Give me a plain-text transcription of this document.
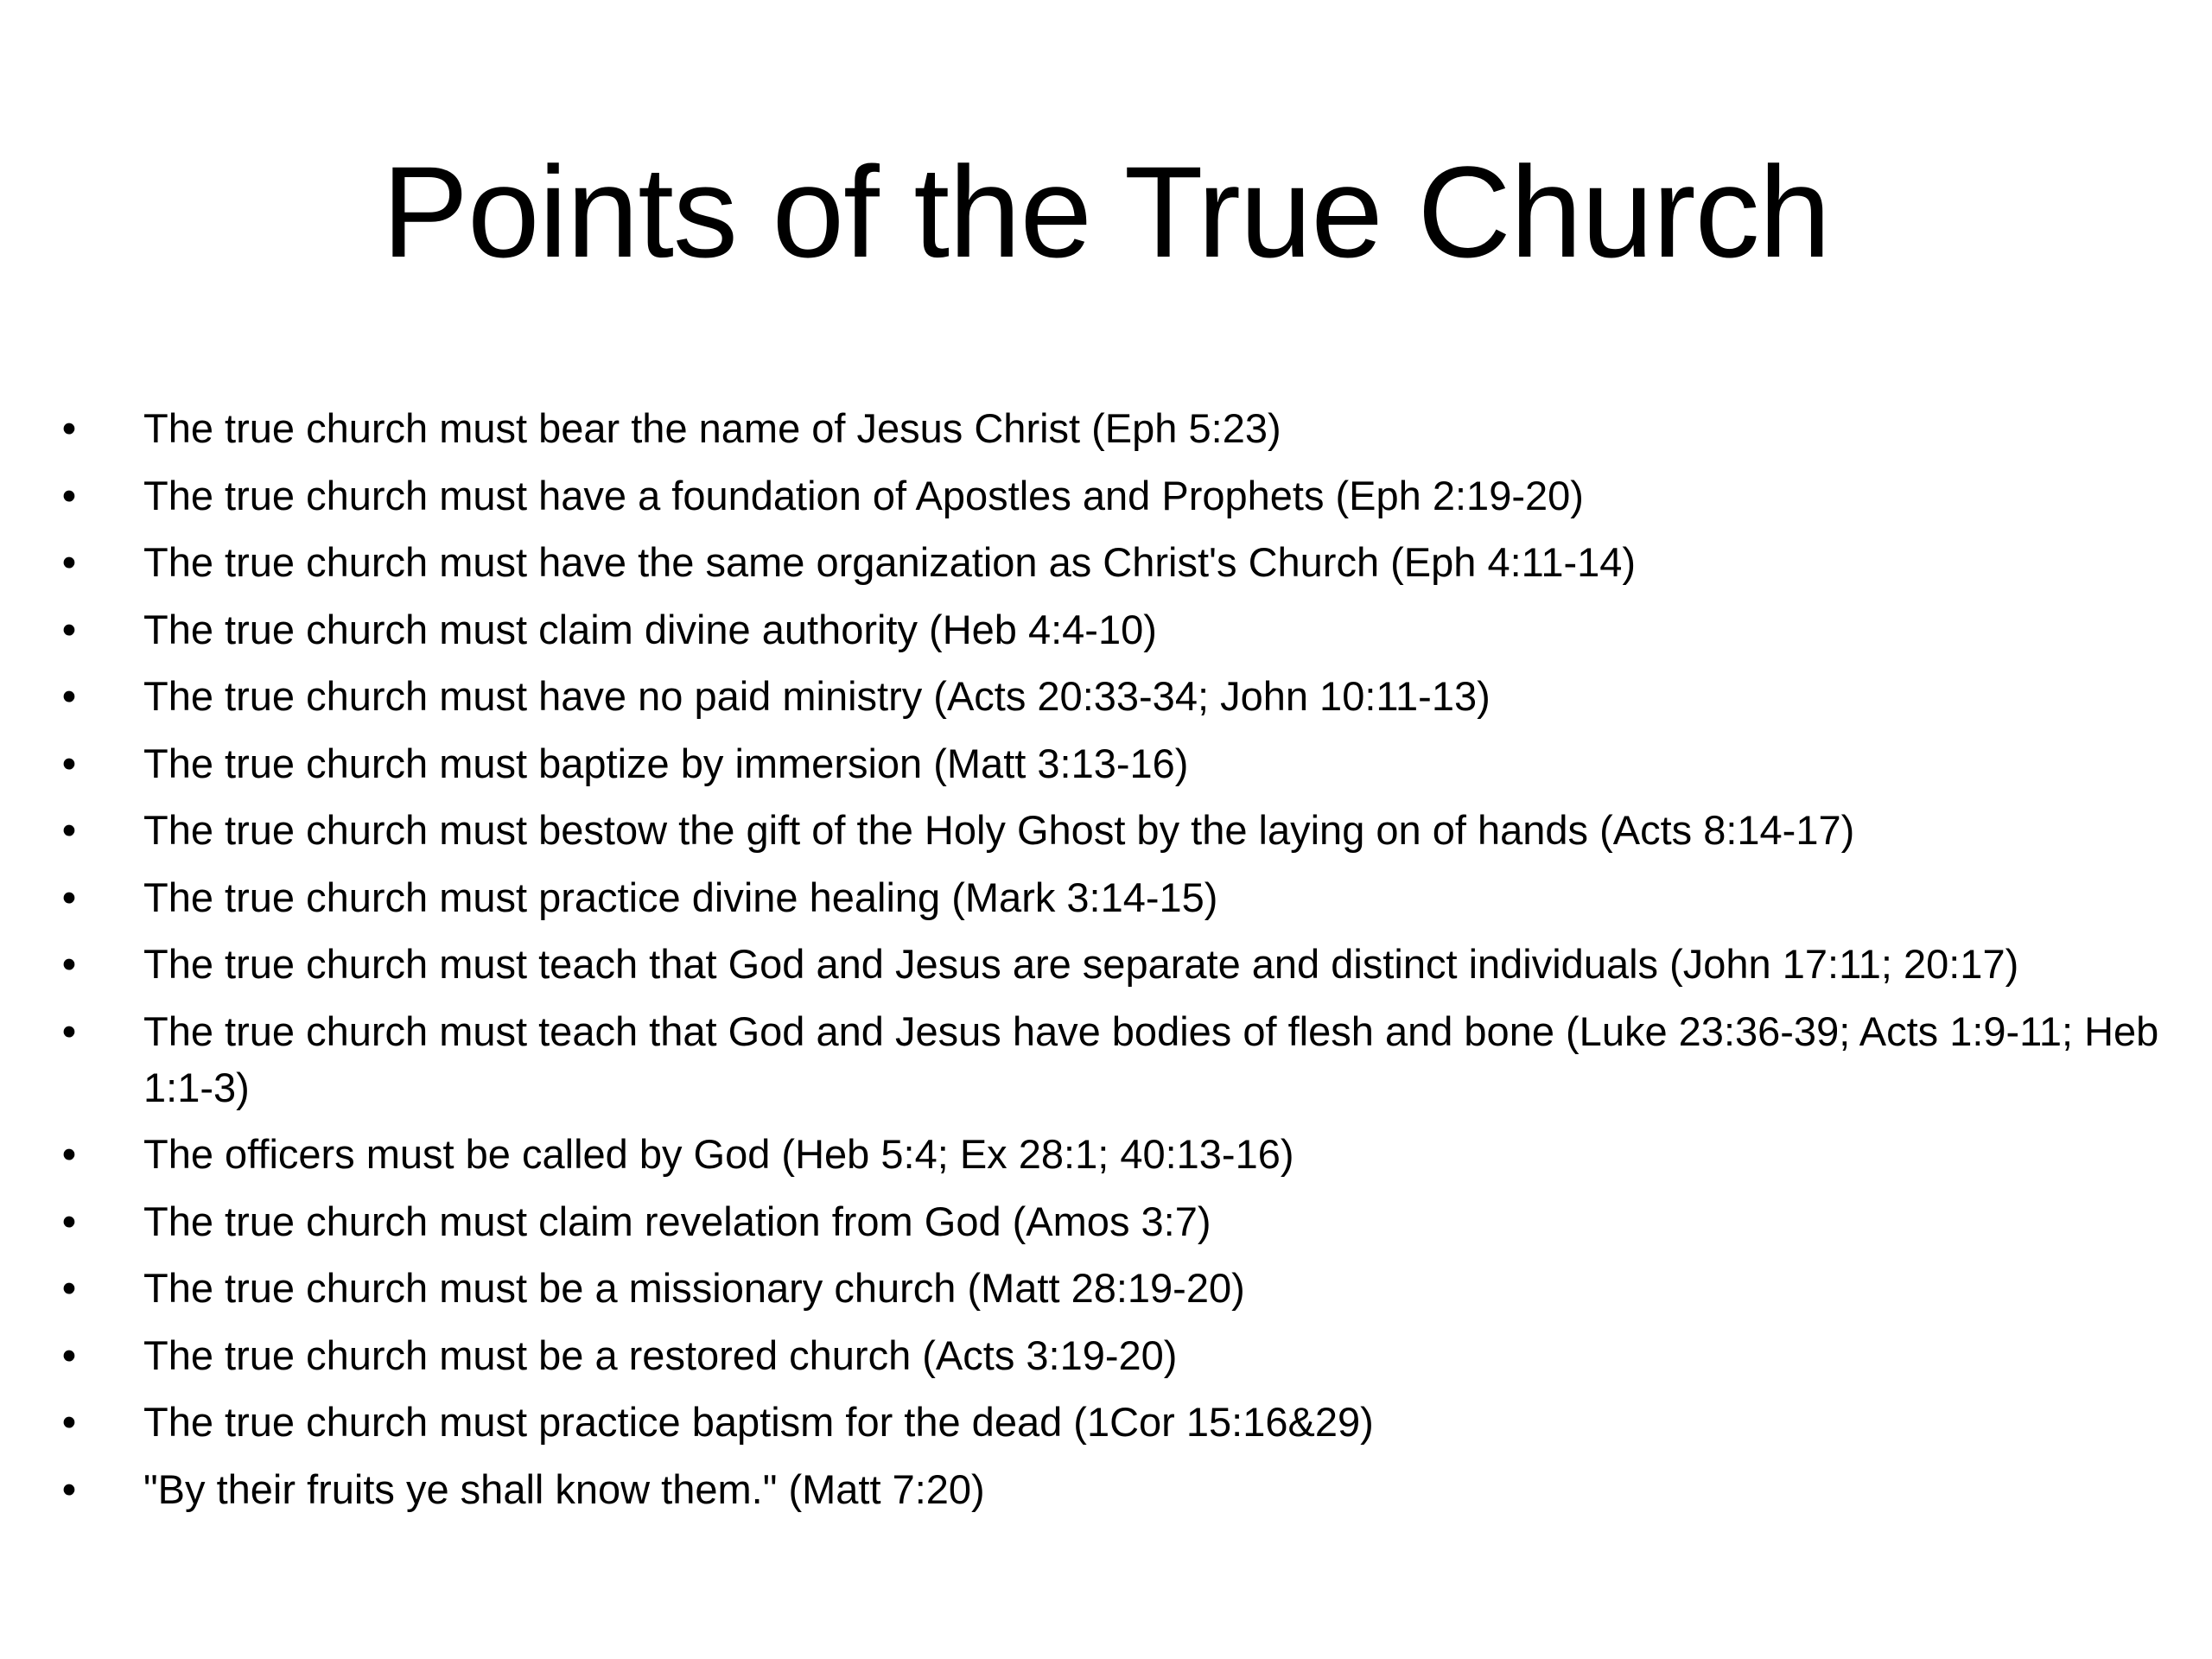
Points of the True Church
• The true church must bear the name of Jesus Christ (Eph 5:23)
• The true church must have a foundation of Apostles and Prophets (Eph 2:19-20)
• The true church must have the same organization as Christ's Church (Eph 4:11-14)
• The true church must claim divine authority (Heb 4:4-10)
• The true church must have no paid ministry (Acts 20:33-34; John 10:11-13)
• The true church must baptize by immersion (Matt 3:13-16)
• The true church must bestow the gift of the Holy Ghost by the laying on of hands (Acts 8:14-17)
• The true church must practice divine healing (Mark 3:14-15)
• The true church must teach that God and Jesus are separate and distinct individuals (John 17:11; 20:17)
• The true church must teach that God and Jesus have bodies of flesh and bone (Luke 23:36-39; Acts 1:9-11; Heb 1:1-3)
• The officers must be called by God (Heb 5:4; Ex 28:1; 40:13-16)
• The true church must claim revelation from God (Amos 3:7)
• The true church must be a missionary church (Matt 28:19-20)
• The true church must be a restored church (Acts 3:19-20)
• The true church must practice baptism for the dead (1Cor 15:16&29)
• "By their fruits ye shall know them." (Matt 7:20)
